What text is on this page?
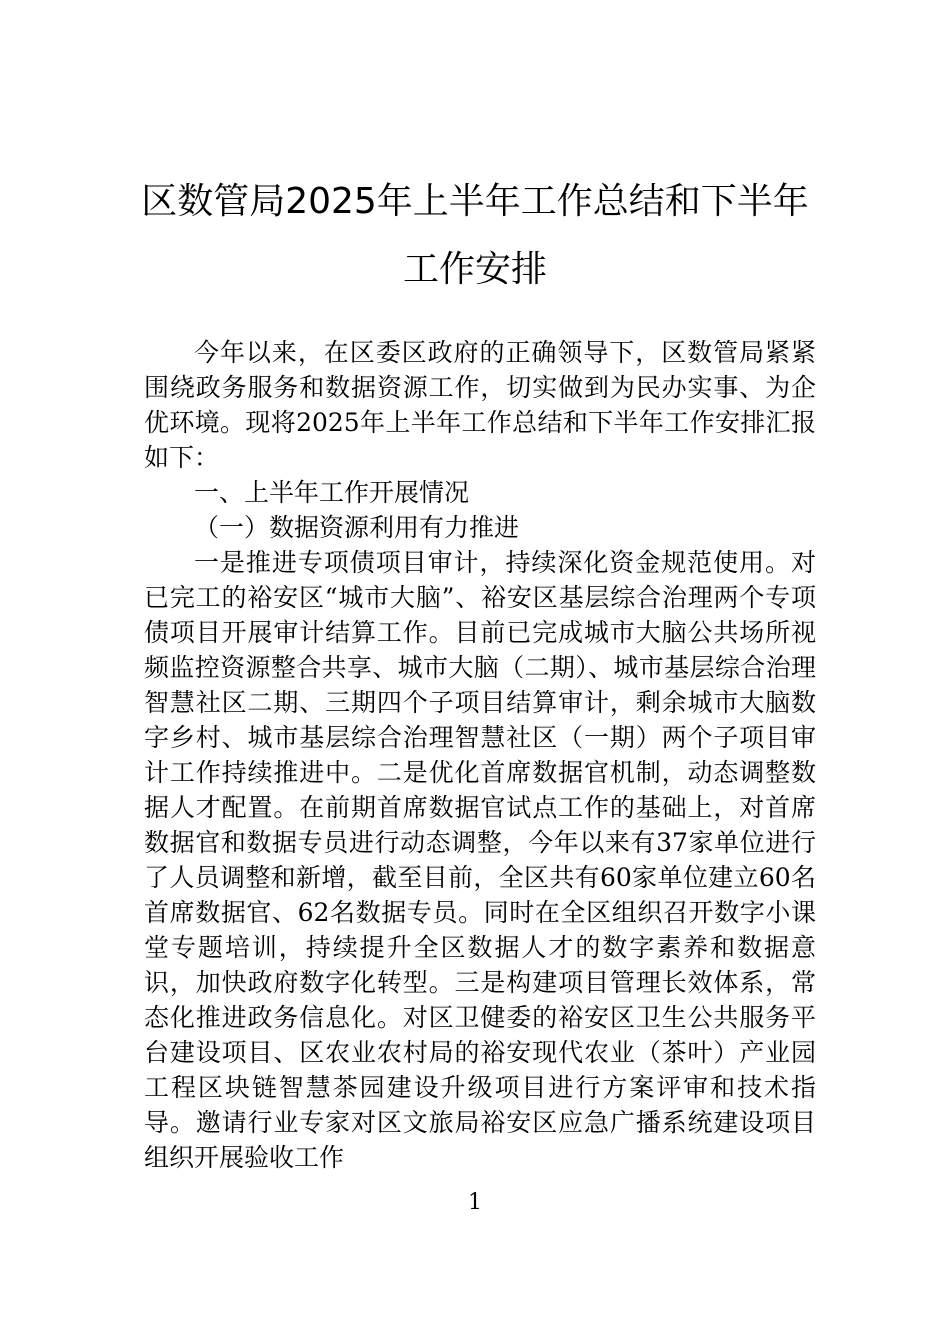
区数管局2025年上半年工作总结和下半年
工作安排

今年以来，在区委区政府的正确领导下，区数管局紧紧围绕政务服务和数据资源工作，切实做到为民办实事、为企优环境。现将2025年上半年工作总结和下半年工作安排汇报如下：

一、上半年工作开展情况

（一）数据资源利用有力推进

一是推进专项债项目审计，持续深化资金规范使用。对已完工的裕安区“城市大脑”、裕安区基层综合治理两个专项债项目开展审计结算工作。目前已完成城市大脑公共场所视频监控资源整合共享、城市大脑（二期）、城市基层综合治理智慧社区二期、三期四个子项目结算审计，剩余城市大脑数字乡村、城市基层综合治理智慧社区（一期）两个子项目审计工作持续推进中。二是优化首席数据官机制，动态调整数据人才配置。在前期首席数据官试点工作的基础上，对首席数据官和数据专员进行动态调整，今年以来有37家单位进行了人员调整和新增，截至目前，全区共有60家单位建立60名首席数据官、62名数据专员。同时在全区组织召开数字小课堂专题培训，持续提升全区数据人才的数字素养和数据意识，加快政府数字化转型。三是构建项目管理长效体系，常态化推进政务信息化。对区卫健委的裕安区卫生公共服务平台建设项目、区农业农村局的裕安现代农业（茶叶）产业园工程区块链智慧茶园建设升级项目进行方案评审和技术指导。邀请行业专家对区文旅局裕安区应急广播系统建设项目组织开展验收工作

1
